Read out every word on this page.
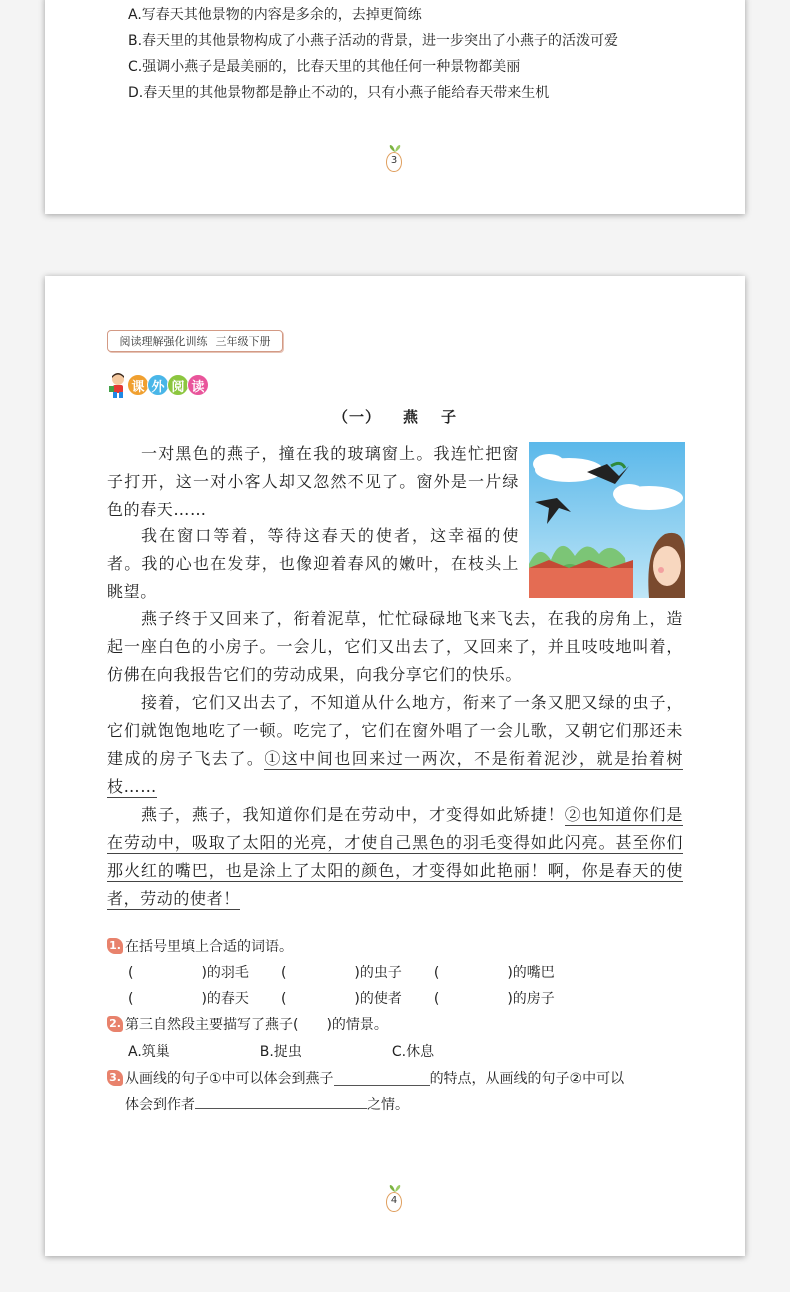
A.写春天其他景物的内容是多余的，去掉更简练
B.春天里的其他景物构成了小燕子活动的背景，进一步突出了小燕子的活泼可爱
C.强调小燕子是最美丽的，比春天里的其他任何一种景物都美丽
D.春天里的其他景物都是静止不动的，只有小燕子能给春天带来生机
3
阅读理解强化训练 三年级下册
课 外 阅 读
（一） 燕 子
一对黑色的燕子，撞在我的玻璃窗上。我连忙把窗子打开，这一对小客人却又忽然不见了。窗外是一片绿色的春天……
我在窗口等着，等待这春天的使者，这幸福的使者。我的心也在发芽，也像迎着春风的嫩叶，在枝头上眺望。
燕子终于又回来了，衔着泥草，忙忙碌碌地飞来飞去，在我的房角上，造起一座白色的小房子。一会儿，它们又出去了，又回来了，并且吱吱地叫着，仿佛在向我报告它们的劳动成果，向我分享它们的快乐。
接着，它们又出去了，不知道从什么地方，衔来了一条又肥又绿的虫子，它们就饱饱地吃了一顿。吃完了，它们在窗外唱了一会儿歌，又朝它们那还未建成的房子飞去了。①这中间也回来过一两次，不是衔着泥沙，就是抬着树枝……
燕子，燕子，我知道你们是在劳动中，才变得如此矫捷！②也知道你们是在劳动中，吸取了太阳的光亮，才使自己黑色的羽毛变得如此闪亮。甚至你们那火红的嘴巴，也是涂上了太阳的颜色，才变得如此艳丽！啊，你是春天的使者，劳动的使者！
1. 在括号里填上合适的词语。
(	)的羽毛 (	)的虫子 (	)的嘴巴
(	)的春天 (	)的使者 (	)的房子
2. 第三自然段主要描写了燕子(　　)的情景。
A.筑巢	B.捉虫	C.休息
3. 从画线的句子①中可以体会到燕子	的特点，从画线的句子②中可以
体会到作者	之情。
4
